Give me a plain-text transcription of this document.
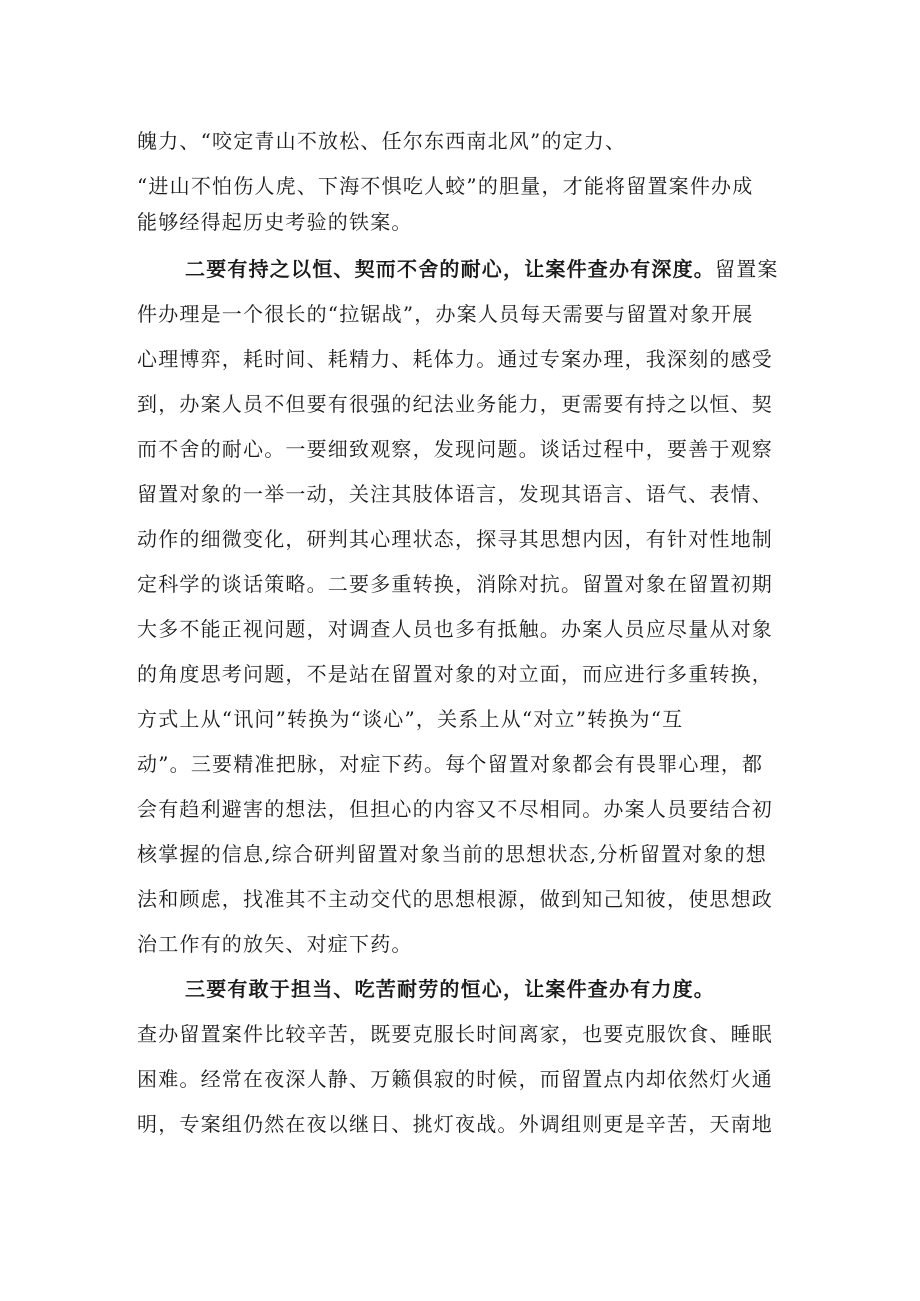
魄力、“咬定青山不放松、任尔东西南北风”的定力、
“进山不怕伤人虎、下海不惧吃人蛟”的胆量，才能将留置案件办成
能够经得起历史考验的铁案。
二要有持之以恒、契而不舍的耐心，让案件查办有深度。留置案
件办理是一个很长的“拉锯战”，办案人员每天需要与留置对象开展
心理博弈，耗时间、耗精力、耗体力。通过专案办理，我深刻的感受
到，办案人员不但要有很强的纪法业务能力，更需要有持之以恒、契
而不舍的耐心。一要细致观察，发现问题。谈话过程中，要善于观察
留置对象的一举一动，关注其肢体语言，发现其语言、语气、表情、
动作的细微变化，研判其心理状态，探寻其思想内因，有针对性地制
定科学的谈话策略。二要多重转换，消除对抗。留置对象在留置初期
大多不能正视问题，对调查人员也多有抵触。办案人员应尽量从对象
的角度思考问题，不是站在留置对象的对立面，而应进行多重转换，
方式上从“讯问”转换为“谈心”，关系上从“对立”转换为“互
动”。三要精准把脉，对症下药。每个留置对象都会有畏罪心理，都
会有趋利避害的想法，但担心的内容又不尽相同。办案人员要结合初
核掌握的信息,综合研判留置对象当前的思想状态,分析留置对象的想
法和顾虑，找准其不主动交代的思想根源，做到知己知彼，使思想政
治工作有的放矢、对症下药。
三要有敢于担当、吃苦耐劳的恒心，让案件查办有力度。
查办留置案件比较辛苦，既要克服长时间离家，也要克服饮食、睡眠
困难。经常在夜深人静、万籁俱寂的时候，而留置点内却依然灯火通
明，专案组仍然在夜以继日、挑灯夜战。外调组则更是辛苦，天南地
